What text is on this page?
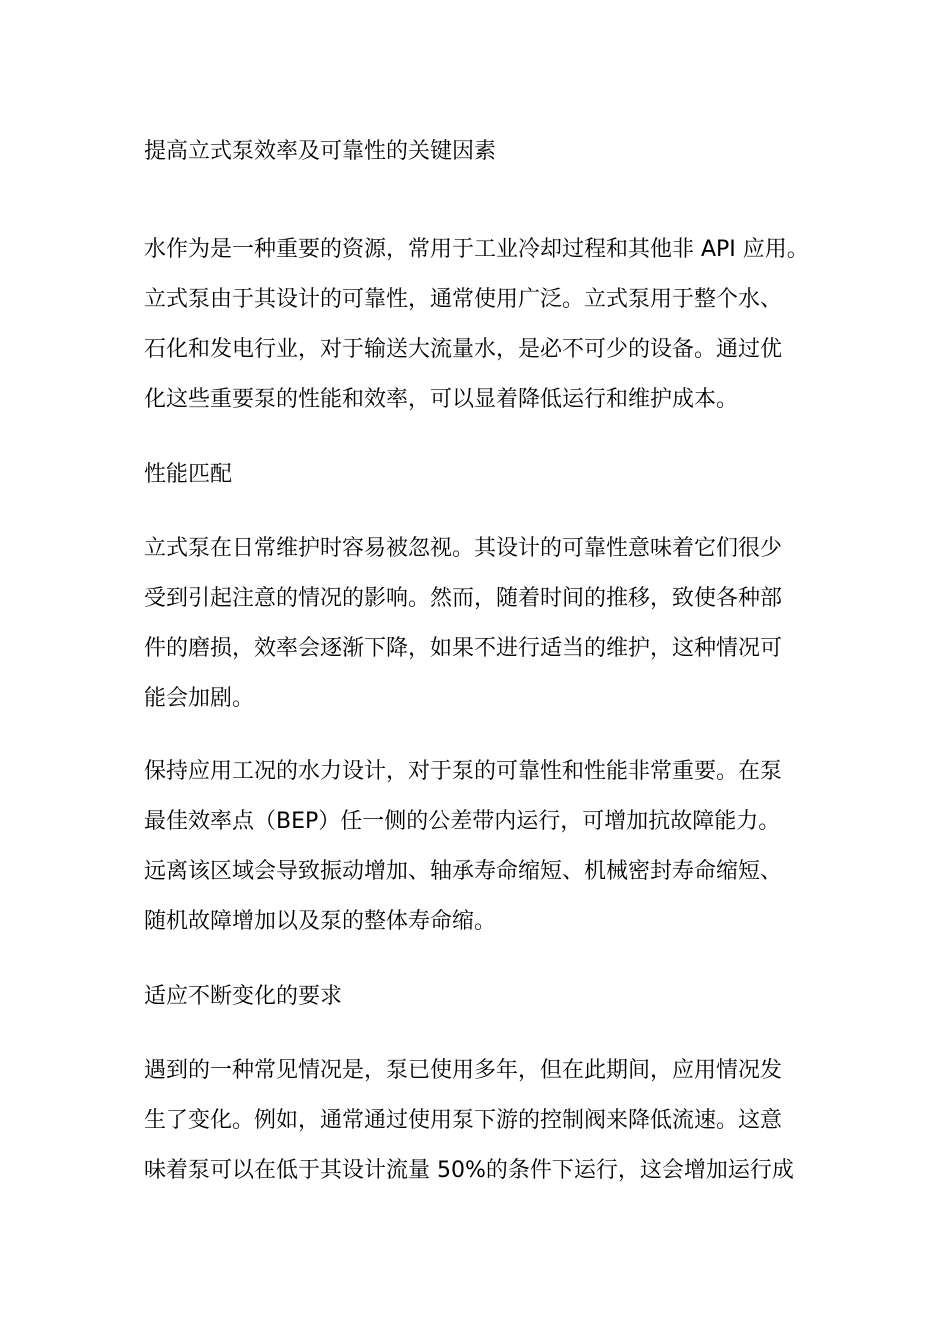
提高立式泵效率及可靠性的关键因素

水作为是一种重要的资源，常用于工业冷却过程和其他非 API 应用。
立式泵由于其设计的可靠性，通常使用广泛。立式泵用于整个水、
石化和发电行业，对于输送大流量水，是必不可少的设备。通过优
化这些重要泵的性能和效率，可以显着降低运行和维护成本。

性能匹配

立式泵在日常维护时容易被忽视。其设计的可靠性意味着它们很少
受到引起注意的情况的影响。然而，随着时间的推移，致使各种部
件的磨损，效率会逐渐下降，如果不进行适当的维护，这种情况可
能会加剧。

保持应用工况的水力设计，对于泵的可靠性和性能非常重要。在泵
最佳效率点（BEP）任一侧的公差带内运行，可增加抗故障能力。
远离该区域会导致振动增加、轴承寿命缩短、机械密封寿命缩短、
随机故障增加以及泵的整体寿命缩。

适应不断变化的要求

遇到的一种常见情况是，泵已使用多年，但在此期间，应用情况发
生了变化。例如，通常通过使用泵下游的控制阀来降低流速。这意
味着泵可以在低于其设计流量 50%的条件下运行，这会增加运行成
